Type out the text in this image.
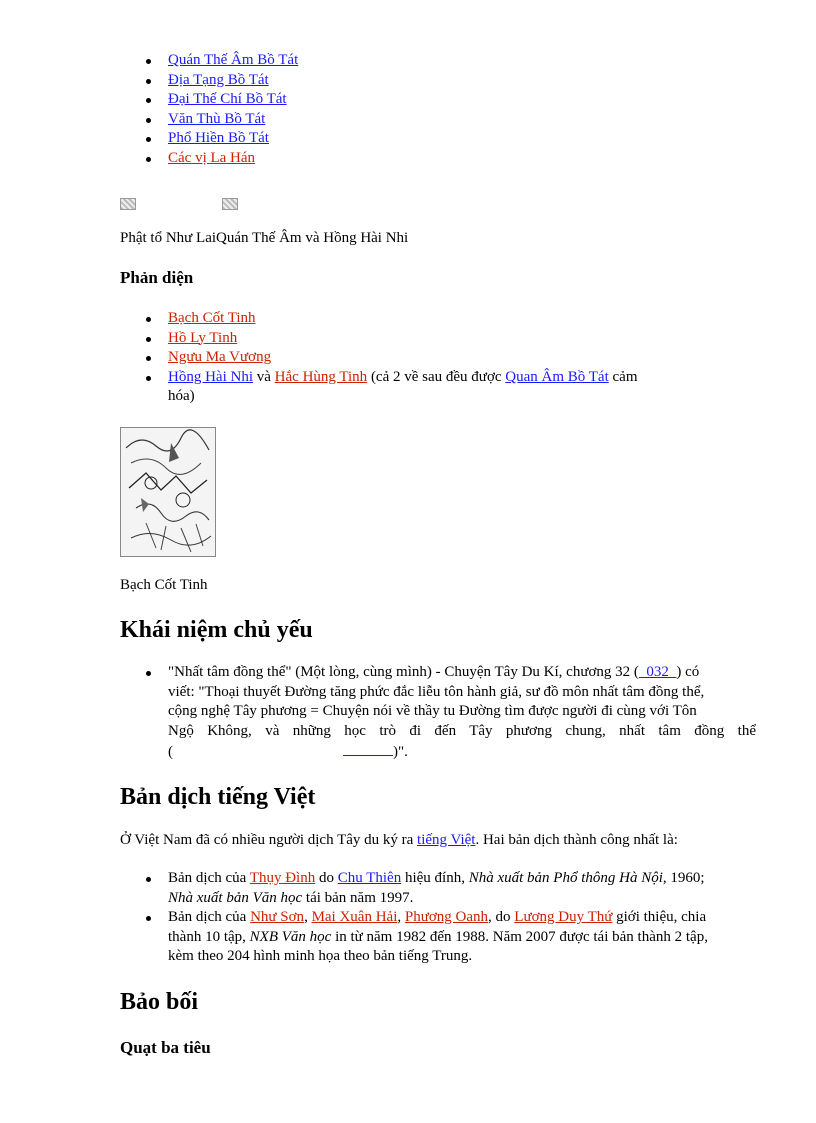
Quán Thế Âm Bồ Tát
Địa Tạng Bồ Tát
Đại Thế Chí Bồ Tát
Văn Thù Bồ Tát
Phổ Hiền Bồ Tát
Các vị La Hán

Phật tổ Như LaiQuán Thế Âm và Hồng Hài Nhi

Phản diện
Bạch Cốt Tinh
Hồ Ly Tinh
Ngưu Ma Vương
Hồng Hài Nhi và Hắc Hùng Tinh (cả 2 về sau đều được Quan Âm Bồ Tát cảm
hóa)

Bạch Cốt Tinh

Khái niệm chủ yếu
"Nhất tâm đồng thể" (Một lòng, cùng mình) - Chuyện Tây Du Kí, chương 32 (  032  ) có
viết: "Thoại thuyết Đường tăng phức đắc liễu tôn hành giả, sư đồ môn nhất tâm đồng thể,
cộng nghệ Tây phương = Chuyện nói về thầy tu Đường tìm được người đi cùng với Tôn

Ngộ Không, và những học trò đi đến Tây phương chung, nhất tâm đồng thể
(	)".
Bản dịch tiếng Việt

Ở Việt Nam đã có nhiều người dịch Tây du ký ra tiếng Việt. Hai bản dịch thành công nhất là:

Bản dịch của Thụy Đình do Chu Thiên hiệu đính, Nhà xuất bản Phổ thông Hà Nội, 1960;
Nhà xuất bản Văn học tái bản năm 1997.
Bản dịch của Như Sơn, Mai Xuân Hải, Phương Oanh, do Lương Duy Thứ giới thiệu, chia
thành 10 tập, NXB Văn học in từ năm 1982 đến 1988. Năm 2007 được tái bản thành 2 tập,
kèm theo 204 hình minh họa theo bản tiếng Trung.
Bảo bối
Quạt ba tiêu
